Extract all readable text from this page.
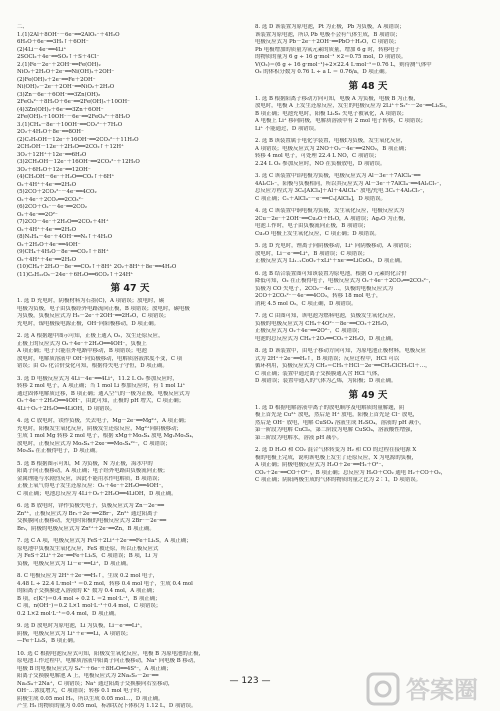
二、
1.(1)2Al＋8OH⁻－6e⁻══2AlO₂⁻＋4H₂O
6H₂O＋6e⁻══3H₂↑＋6OH⁻
(2)4Li－4e⁻══4Li⁺
2SOCl₂＋4e⁻══SO₂↑＋S＋4Cl⁻
2.(1)Fe－2e⁻＋2OH⁻══Fe(OH)₂
NiO₂＋2H₂O＋2e⁻══Ni(OH)₂＋2OH⁻
(2)Fe(OH)₂＋2e⁻══Fe＋2OH⁻
Ni(OH)₂－2e⁻＋2OH⁻══NiO₂＋2H₂O
(3)Zn－6e⁻＋6OH⁻══3Zn(OH)₂
2FeO₄²⁻＋8H₂O＋6e⁻══2Fe(OH)₃＋10OH⁻
(4)3Zn(OH)₂＋6e⁻══3Zn＋6OH⁻
2Fe(OH)₃＋10OH⁻－6e⁻══2FeO₄²⁻＋8H₂O
3.(1)CH₄－8e⁻＋10OH⁻══CO₃²⁻＋7H₂O
2O₂＋4H₂O＋8e⁻══8OH⁻
(2)C₂H₅OH－12e⁻＋16OH⁻══2CO₃²⁻＋11H₂O
2CH₃OH－12e⁻＋2H₂O══2CO₂↑＋12H⁺
3O₂＋12H⁺＋12e⁻══6H₂O
(3)2CH₃OH－12e⁻＋16OH⁻══2CO₃²⁻＋12H₂O
3O₂＋6H₂O＋12e⁻══12OH⁻
(4)CH₃OH－6e⁻＋H₂O══CO₂↑＋6H⁺
O₂＋4H⁺＋4e⁻══2H₂O
(5)2CO＋2CO₃²⁻－4e⁻══4CO₂
O₂＋4e⁻＋2CO₂══2CO₃²⁻
(6)2CO＋O₂⁻－4e⁻══2CO₂
O₂＋4e⁻══2O²⁻
(7)2CO－4e⁻＋2H₂O══2CO₂＋4H⁺
O₂＋4H⁺＋4e⁻══2H₂O
(8)N₂H₄－4e⁻＋4OH⁻══N₂↑＋4H₂O
O₂＋2H₂O＋4e⁻══4OH⁻
(9)CH₄＋4H₂O－8e⁻══CO₂↑＋8H⁺
O₂＋4H⁺＋4e⁻══2H₂O
(10)CH₄＋2H₂O－8e⁻══CO₂↑＋8H⁺ 2O₂＋8H⁺＋8e⁻══4H₂O
(11)C₆H₁₂O₆－24e⁻＋6H₂O══6CO₂↑＋24H⁺
第 47 天
1. 选 D 充电时，阴极材料为石墨(C)，A 项错误；放电时，碳
电极为负极，电子由负极经外电路流向正极，B 项错误；放电时，碳电极
为负极，负极反应式为 H₂－2e⁻＋2OH⁻══2H₂O，C 项错误；
充电时，镍电极接电源正极，OH⁻向阳极移动，D 项正确。
2. 选 A 根据题中图示可知，正极上通入 O₂，发生还原反应，
正极上的反应式为 O₂＋4e⁻＋2H₂O══4OH⁻，负极上
A 项正确；电子只能在外电路中移动，B 项错误；电池
放电时，电解质溶液中 OH⁻向负极移动，电解质溶液浓度不变，C 项
错误；由 O₂ 化合价变化可知，根据得失电子守恒，D 项正确。
3. 选 D 电极反应式为 4Li－4e⁻══4Li⁺，11.2 L O₂ 参加反应时，
转移 2 mol 电子，A 项正确；当 1 mol Li 参加反应时，有 1 mol Li⁺
通过固体电解质迁移，B 项正确；通入空气的一极为正极，电极反应式为
O₂＋4e⁻＋2H₂O══4OH⁻，由此可知，正极的 pH 增大，C 项正确；
4Li＋O₂＋2H₂O══4LiOH，D 项错误。
4. 选 C 放电时，镁作负极，失去电子，Mg－2e⁻══Mg²⁺，A 项正确；
充电时，阳极发生氧化反应，阴极发生还原反应，Mg²⁺向阴极移动；
生成 1 mol Mg 转移 2 mol 电子，根据 xMg＋Mo₃S₄ 放电 MgₓMo₃S₄，
放电时，正极反应式为 Mo₃S₄＋2xe⁻══Mo₃S₄²ˣ⁻，C 项错误；
Mo₃S₄ 在正极得电子，D 项正确。
5. 选 B 根据图示可知，M 为负极，N 为正极，海水中的
阳离子向正极移动，A 项正确；电子经外电路由负极流向正极；
金属锂能与水剧烈反应，因此不能用水作电解质，B 项错误；
正极上氧气得电子发生还原反应：O₂＋4e⁻＋2H₂O══4OH⁻，
C 项正确；电池总反应为 4Li＋O₂＋2H₂O══4LiOH，D 项正确。
6. 选 B 放电时，锌作负极失电子，负极反应式为 Zn－2e⁻══
Zn²⁺，正极反应式为 Br₂＋2e⁻══2Br⁻，Zn²⁺ 通过阳离子
交换膜向正极移动，充电时阳极的电极反应式为 2Br⁻－2e⁻══
Br₂，阴极的电极反应式为 Zn²⁺＋2e⁻══Zn，B 项正确。
7. 选 C A 项，电极反应式为 FeS＋2Li⁺＋2e⁻══Fe＋Li₂S，A 项正确；
原电池中负极发生氧化反应，FeS 被还原，所以正极反应式
为 FeS＋2Li⁺＋2e⁻══Fe＋Li₂S，C 项错误；B 项，Li 为
负极，电极反应式为 Li－e⁻══Li⁺，D 项正确。
8. C 电极反应为 2H⁺＋2e⁻══H₂↑，生成 0.2 mol 电子，
4.48 L ÷ 22.4 L·mol⁻¹ ＝0.2 mol，转移 0.4 mol 电子，生成 0.4 mol
的阳离子交换膜进入溶液的 K⁺ 数为 0.4 mol，A 项正确；
B 项，c(K⁺)＝0.4 mol ÷ 0.2 L ＝2 mol·L⁻¹，B 项正确；
C 项，n(OH⁻)＝0.2 L×1 mol·L⁻¹＋0.4 mol，C 项错误；
0.2 L×2 mol·L⁻¹＝0.4 mol，D 项正确。
9. 选 D 放电时为原电池，Li 为负极，Li－e⁻══Li⁺，
阴极，电极反应式为 Li⁺＋e⁻══Li，A 项错误；
—Fe＋Li₂S，B 项正确。
10. 选 C 根据电池反应式可知，阳极发生氧化反应，电极 B 为原电池的正极，
原电池工作过程中，电解质溶液中阳离子向正极移动，Na⁺ 向电极 B 移动，
电极 B 的电极反应式为 S₄²⁻＋6e⁻＋8H₂O══4S²⁻，A 项正确；
阳离子交换膜电解池 A 上，电极反应式为 2Na₂S₂－2e⁻══
Na₂S₄＋2Na⁺，C 项错误；Na⁺ 通过阳离子交换膜向右室移动，
OH⁻…浓度增大，C 项错误；转移 0.1 mol 电子时，
阴极生成 0.05 mol H₂，所以生成 0.05 mol…，D 项正确。
产生 H₂ 的物质的量为 0.05 mol，标准状况下体积为 1.12 L，D 项错误。
8. 选 D 该装置为原电池，Pt 为正极，Pb 为负极，A 项错误；
该装置为原电池，所以 Pb 电极不会有气体生成，B 项错误；
电极反应式为 Pb－2e⁻＋2OH⁻══PbO＋H₂O，C 项错误；
Pb 电极增加的质量为氧元素的质量，增加 6 g 时，转移电子
的物质的量为 6 g ÷ 16 g·mol⁻¹ ×2＝0.75 mol，D 项错误。
V(O₂)＝(6 g ÷ 16 g·mol⁻¹)÷2×22.4 L·mol⁻¹＝0.76 L，则待测气体中
O₂ 的体积分数为 0.76 L ÷ a L ＝ 0.76/a，D 项正确。
第 48 天
1. 选 B 根据阳离子移动方向可知，电极 A 为负极，电极 B 为正极，
放电时，电极 A 上发生还原反应，发生的电极反应为 2Li⁺＋S₂²⁻－2e⁻══Li₂S₂，
B 项正确；电池充电时，阳极 Li₂S₂ 失电子被氧化，A 项错误；
A 电极上 Li⁺ 移向阴极，电解质溶液中有 2 mol 电子转移，C 项错误；
Li⁺ 不能通过，D 项错误。
2. 选 B 该装置属于电化学装置，电极Ⅰ为负极，发生氧化反应，
A 项错误；电极反应式为 2NO＋O₂－4e⁻══2NO₂，B 项正确；
转移 4 mol 电子，可处理 22.4 L NO，C 项错误；
2.24 L O₂ 参加反应时，NO 在负极放电，D 项错误。
3. 选 C 该装置中铝电极为负极，电极反应式为 Al－3e⁻＋7AlCl₄⁻══
4Al₂Cl₇⁻，阳极与负极相同，所以其反应式为 Al－3e⁻＋7AlCl₄⁻══4Al₂Cl₇⁻，
总反应方程式为 3Cₙ[AlCl₄]＋Al＋4AlCl₄⁻ 放电/充电 3Cₙ＋4Al₂Cl₇⁻，
C 项正确；Cₙ＋AlCl₄⁻－e⁻══Cₙ[AlCl₄]，D 项错误。
4. 选 C 该装置中铜电极为负极，发生氧化反应，电极反应式为
2Cu－2e⁻＋2OH⁻══Cu₂O＋H₂O，A 项错误；Ag₂O 为正极，
电池工作时，电子由负极流向正极，B 项错误；
Cu₂O 电极上发生氧化反应，C 项正确；D 项错误。
5. 选 D 充电时，锂离子向阴极移动，Li⁺ 向阴极移动，A 项错误；
放电时，Li－e⁻══Li⁺，B 项错误；C 项错误；
正极反应式为 Li₁₋ₓCoO₂＋xLi⁺＋xe⁻══LiCoO₂，D 项正确。
6. 选 B 结合装置图可知该装置为原电池，根据 O 元素的化合价
降低可知，O₂ 在正极得电子，电极反应式为 O₂＋4e⁻＋2CO₂══2CO₃²⁻，
负极为 CO 失电子，2CO₂－4e⁻…，负极的电极反应式为
2CO＋2CO₃²⁻－4e⁻══4CO₂，转移 18 mol 电子，
消耗 4.5 mol O₂，C 项正确，D 项错误。
7. 选 C 由图可知，该电池为燃料电池，负极发生氧化反应，
负极的电极反应式为 CH₄＋4O²⁻－8e⁻══CO₂＋2H₂O，
正极反应式为 O₂＋4e⁻══2O²⁻，C 项错误；
电池的总反应式为 CH₄＋2O₂══CO₂＋2H₂O，D 项正确。
8. 选 D 该装置中，由电子移动方向可知，为原电池正极材料，电极反应
式为 2H⁺＋2e⁻══H₂↑，B 项错误；反应过程中，HCl 可以
循环利用，负极反应式为 CH₂＝CH₂＋HCl－2e⁻══CH₂ClCH₂Cl＋…，
C 项正确；装置中通过离子交换膜通入含 HCl 气体，
D 项错误；装置中通入的气体为乙烯，为阳极；D 项正确。
第 49 天
1. 选 D 根据电解溶液中离子的放电顺序及电解质的量解题，阴
极上首先是 Cu²⁺ 放电，然后是 H⁺ 放电，阳极上首先是 Cl⁻ 放电，
然后是 OH⁻ 放电，电解 CuSO₄ 溶液生成 H₂SO₄，溶液的 pH 减小，
第一阶段为电解 CuCl₂，第二阶段为电解 CuSO₄，溶液酸性增强，
第三阶段为电解水，溶液 pH 减小。
2. 选 D H₂O 和 CO₂ 混合气体转变为 H₂ 和 CO 的过程在接电源 X
极的电极上完成，说明该电极上发生了还原反应，X 为电源的负极，
A 项正确；阴极电极反应式为 H₂O＋2e⁻══H₂＋O²⁻、
CO₂＋2e⁻══CO＋O²⁻，B 项正确；总反应为 H₂O＋CO₂ 通电 H₂＋CO＋O₂，
C 项正确；阴阳两极生成的气体的物质的量之比为 2∶1，D 项错误。
— 123 —	答案圈
